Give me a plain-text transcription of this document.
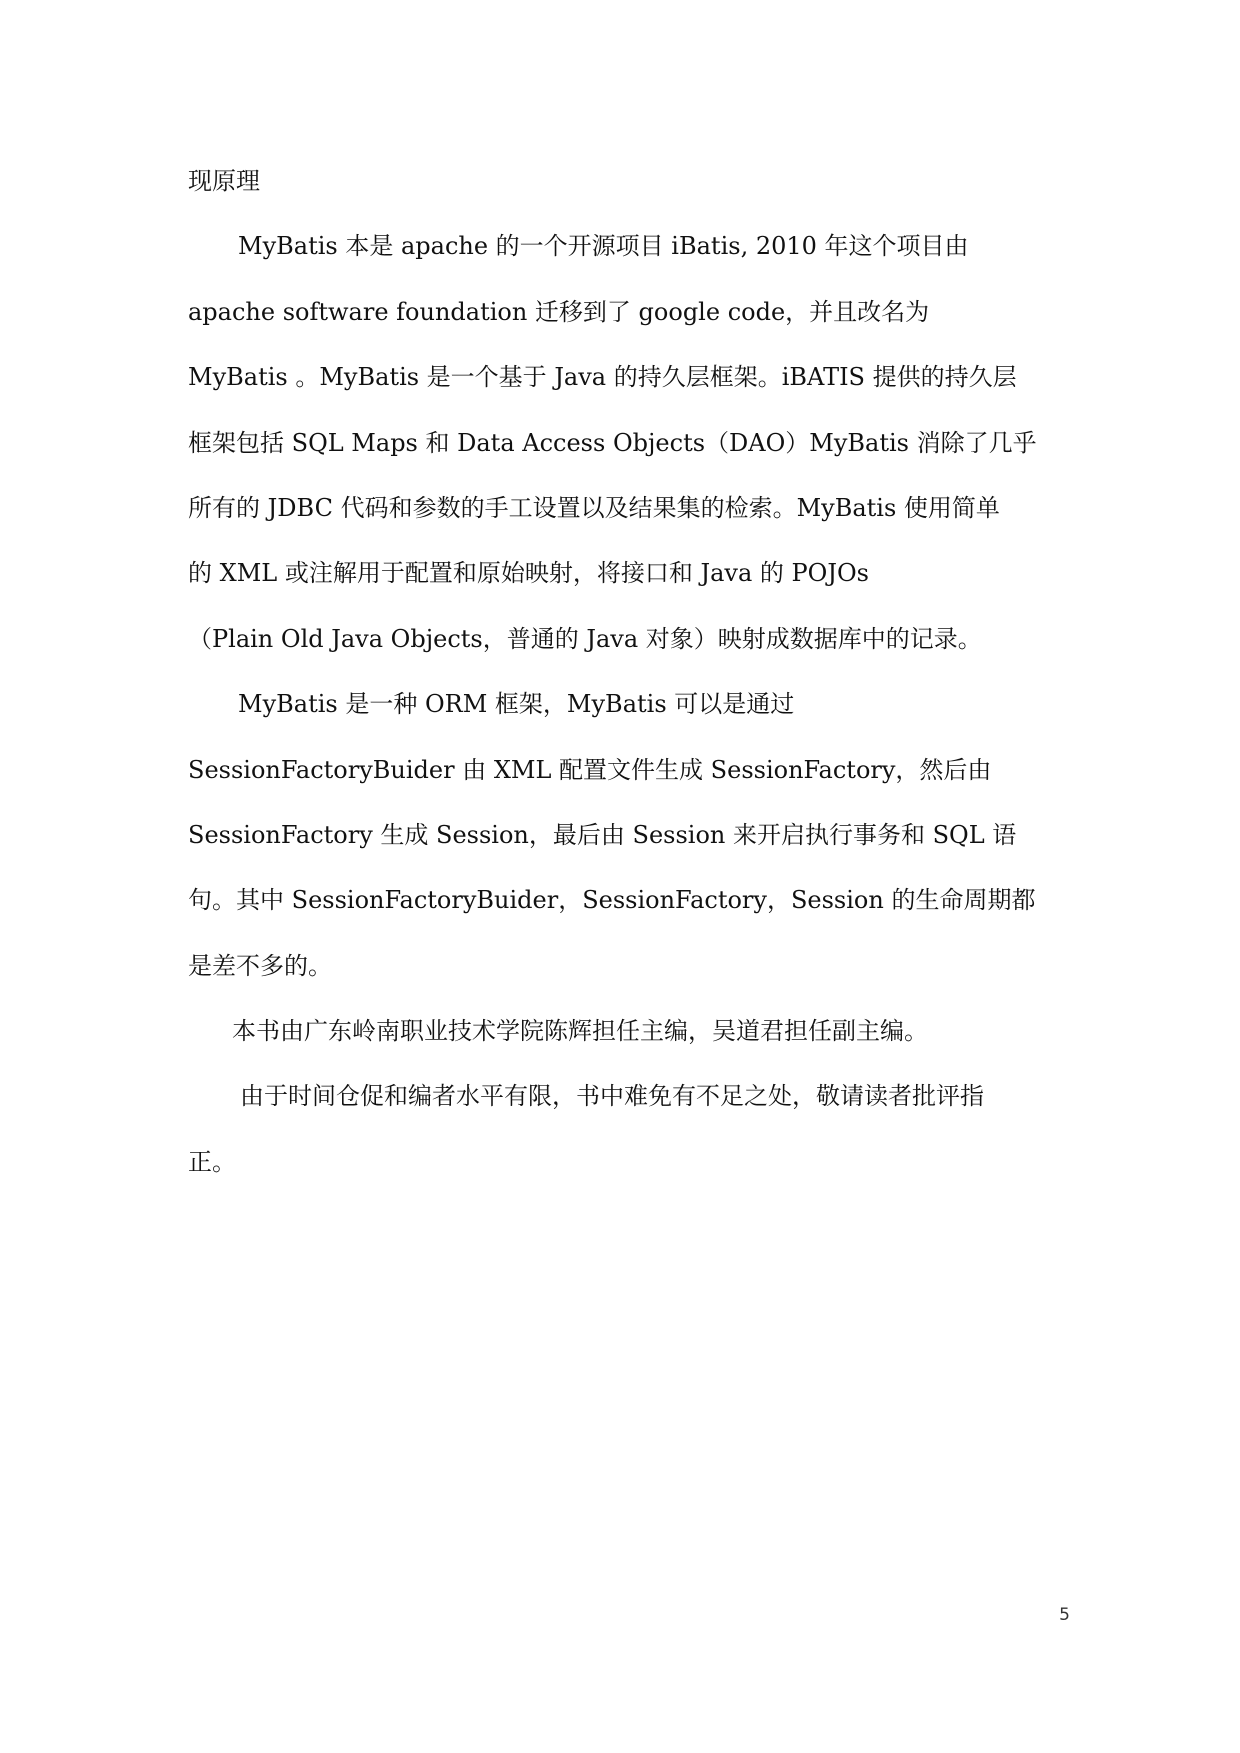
现原理
MyBatis 本是 apache 的一个开源项目 iBatis, 2010 年这个项目由
apache software foundation 迁移到了 google code，并且改名为
MyBatis 。MyBatis 是一个基于 Java 的持久层框架。iBATIS 提供的持久层
框架包括 SQL Maps 和 Data Access Objects（DAO）MyBatis 消除了几乎
所有的 JDBC 代码和参数的手工设置以及结果集的检索。MyBatis 使用简单
的 XML 或注解用于配置和原始映射，将接口和 Java 的 POJOs
（Plain Old Java Objects，普通的 Java 对象）映射成数据库中的记录。
MyBatis 是一种 ORM 框架，MyBatis 可以是通过
SessionFactoryBuider 由 XML 配置文件生成 SessionFactory，然后由
SessionFactory 生成 Session，最后由 Session 来开启执行事务和 SQL 语
句。其中 SessionFactoryBuider，SessionFactory，Session 的生命周期都
是差不多的。
本书由广东岭南职业技术学院陈辉担任主编，吴道君担任副主编。
由于时间仓促和编者水平有限，书中难免有不足之处，敬请读者批评指
正。
5
